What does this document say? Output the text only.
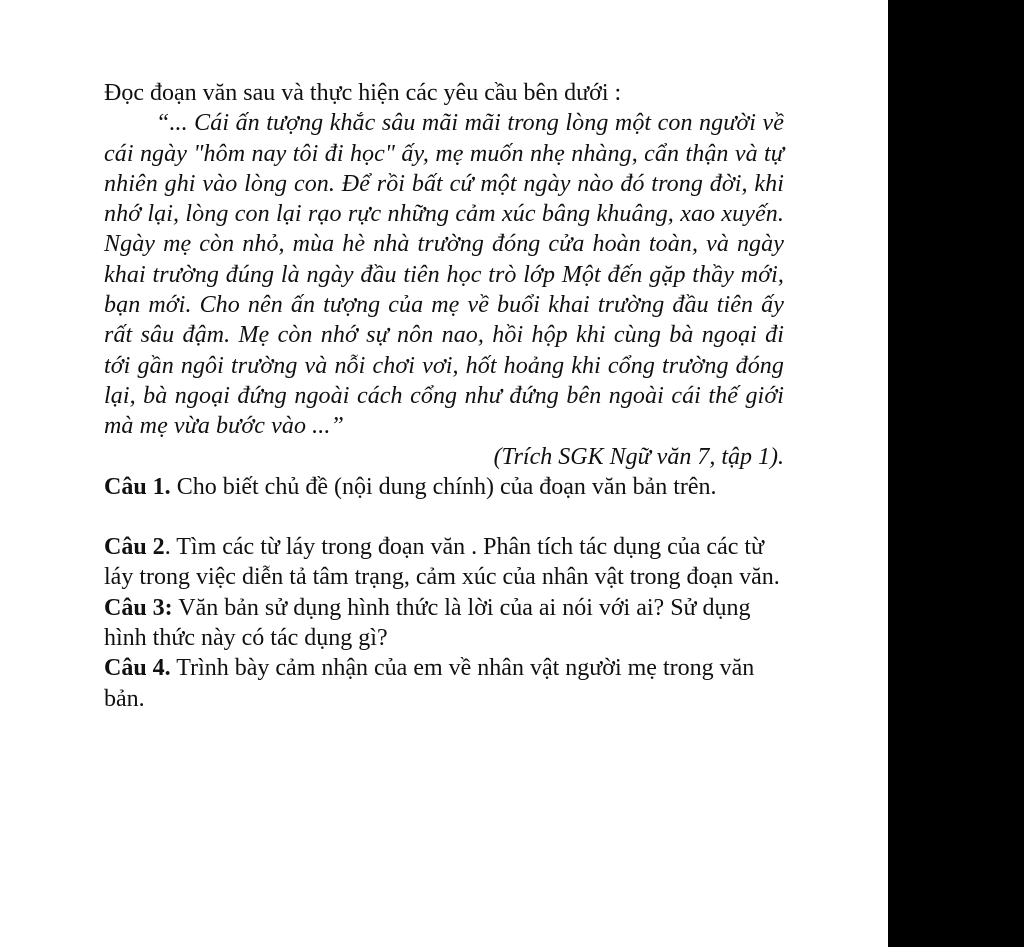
Đọc đoạn văn sau và thực hiện các yêu cầu bên dưới :

“... Cái ấn tượng khắc sâu mãi mãi trong lòng một con người về cái ngày "hôm nay tôi đi học" ấy, mẹ muốn nhẹ nhàng, cẩn thận và tự nhiên ghi vào lòng con. Để rồi bất cứ một ngày nào đó trong đời, khi nhớ lại, lòng con lại rạo rực những cảm xúc bâng khuâng, xao xuyến. Ngày mẹ còn nhỏ, mùa hè nhà trường đóng cửa hoàn toàn, và ngày khai trường đúng là ngày đầu tiên học trò lớp Một đến gặp thầy mới, bạn mới. Cho nên ấn tượng của mẹ về buổi khai trường đầu tiên ấy rất sâu đậm. Mẹ còn nhớ sự nôn nao, hồi hộp khi cùng bà ngoại đi tới gần ngôi trường và nỗi chơi vơi, hốt hoảng khi cổng trường đóng lại, bà ngoại đứng ngoài cách cổng như đứng bên ngoài cái thế giới mà mẹ vừa bước vào ...”

(Trích SGK Ngữ văn 7, tập 1).

Câu 1. Cho biết chủ đề (nội dung chính) của đoạn văn bản trên.

Câu 2. Tìm các từ láy trong đoạn văn . Phân tích tác dụng của các từ láy trong việc diễn tả tâm trạng, cảm xúc của nhân vật trong đoạn văn.

Câu 3: Văn bản sử dụng hình thức là lời của ai nói với ai? Sử dụng hình thức này có tác dụng gì?

Câu 4. Trình bày cảm nhận của em về nhân vật người mẹ trong văn bản.
